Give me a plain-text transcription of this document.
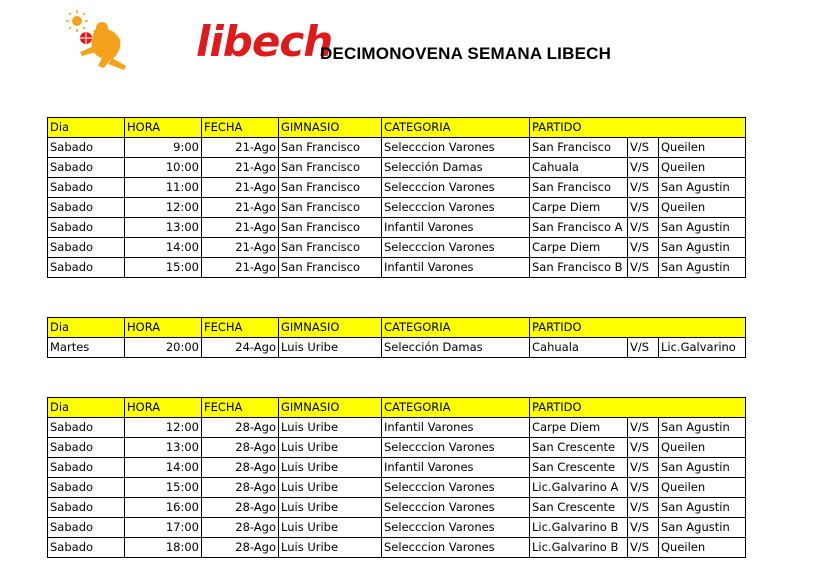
libech
DECIMONOVENA SEMANA LIBECH
Dia	HORA	FECHA	GIMNASIO	CATEGORIA	PARTIDO		
Sabado	9:00	21-Ago	San Francisco	Selecccion Varones	San Francisco	V/S	Queilen
Sabado	10:00	21-Ago	San Francisco	Selección Damas	Cahuala	V/S	Queilen
Sabado	11:00	21-Ago	San Francisco	Selecccion Varones	San Francisco	V/S	San Agustin
Sabado	12:00	21-Ago	San Francisco	Selecccion Varones	Carpe Diem	V/S	Queilen
Sabado	13:00	21-Ago	San Francisco	Infantil Varones	San Francisco A	V/S	San Agustin
Sabado	14:00	21-Ago	San Francisco	Selecccion Varones	Carpe Diem	V/S	San Agustin
Sabado	15:00	21-Ago	San Francisco	Infantil Varones	San Francisco B	V/S	San Agustin
Dia	HORA	FECHA	GIMNASIO	CATEGORIA	PARTIDO		
Martes	20:00	24-Ago	Luis Uribe	Selección Damas	Cahuala	V/S	Lic.Galvarino
Dia	HORA	FECHA	GIMNASIO	CATEGORIA	PARTIDO		
Sabado	12:00	28-Ago	Luis Uribe	Infantil Varones	Carpe Diem	V/S	San Agustin
Sabado	13:00	28-Ago	Luis Uribe	Selecccion Varones	San Crescente	V/S	Queilen
Sabado	14:00	28-Ago	Luis Uribe	Infantil Varones	San Crescente	V/S	San Agustin
Sabado	15:00	28-Ago	Luis Uribe	Selecccion Varones	Lic.Galvarino A	V/S	Queilen
Sabado	16:00	28-Ago	Luis Uribe	Selecccion Varones	San Crescente	V/S	San Agustin
Sabado	17:00	28-Ago	Luis Uribe	Selecccion Varones	Lic.Galvarino B	V/S	San Agustin
Sabado	18:00	28-Ago	Luis Uribe	Selecccion Varones	Lic.Galvarino B	V/S	Queilen
